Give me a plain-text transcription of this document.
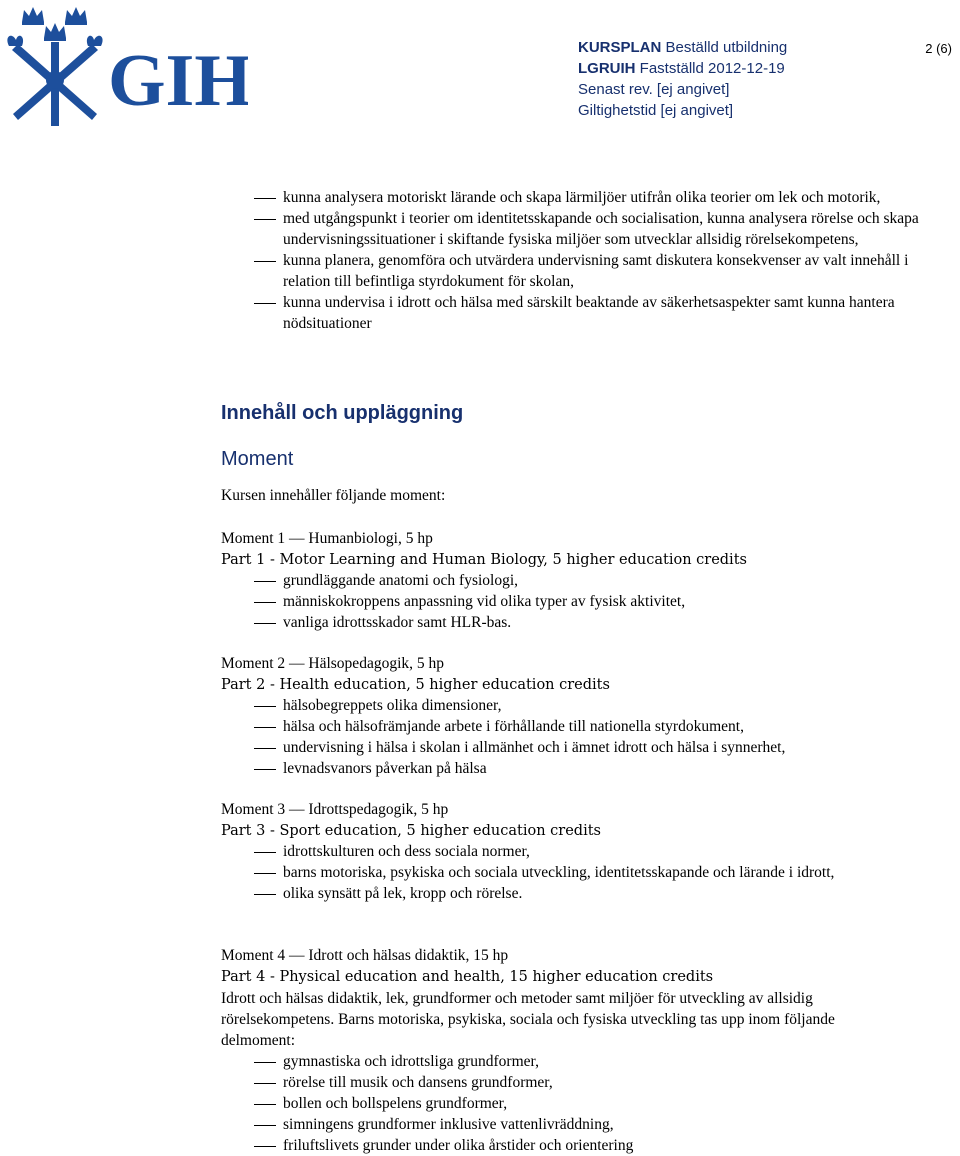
GIH	KURSPLAN Beställd utbildning
LGRUIH Fastställd 2012-12-19
Senast rev. [ej angivet]
Giltighetstid [ej angivet]
2 (6)
kunna analysera motoriskt lärande och skapa lärmiljöer utifrån olika teorier om lek och motorik,
med utgångspunkt i teorier om identitetsskapande och socialisation, kunna analysera rörelse och skapa undervisningssituationer i skiftande fysiska miljöer som utvecklar allsidig rörelsekompetens,
kunna planera, genomföra och utvärdera undervisning samt diskutera konsekvenser av valt innehåll i relation till befintliga styrdokument för skolan,
kunna undervisa i idrott och hälsa med särskilt beaktande av säkerhetsaspekter samt kunna hantera nödsituationer
Innehåll och uppläggning
Moment
Kursen innehåller följande moment:
Moment 1 — Humanbiologi, 5 hp
Part 1 - Motor Learning and Human Biology, 5 higher education credits
grundläggande anatomi och fysiologi,
människokroppens anpassning vid olika typer av fysisk aktivitet,
vanliga idrottsskador samt HLR-bas.
Moment 2 — Hälsopedagogik, 5 hp
Part 2 - Health education, 5 higher education credits
hälsobegreppets olika dimensioner,
hälsa och hälsofrämjande arbete i förhållande till nationella styrdokument,
undervisning i hälsa i skolan i allmänhet och i ämnet idrott och hälsa i synnerhet,
levnadsvanors påverkan på hälsa
Moment 3 — Idrottspedagogik, 5 hp
Part 3 - Sport education, 5 higher education credits
idrottskulturen och dess sociala normer,
barns motoriska, psykiska och sociala utveckling, identitetsskapande och lärande i idrott,
olika synsätt på lek, kropp och rörelse.
Moment 4 — Idrott och hälsas didaktik, 15 hp
Part 4 - Physical education and health, 15 higher education credits
Idrott och hälsas didaktik, lek, grundformer och metoder samt miljöer för utveckling av allsidig rörelsekompetens. Barns motoriska, psykiska, sociala och fysiska utveckling tas upp inom följande delmoment:
gymnastiska och idrottsliga grundformer,
rörelse till musik och dansens grundformer,
bollen och bollspelens grundformer,
simningens grundformer inklusive vattenlivräddning,
friluftslivets grunder under olika årstider och orientering
